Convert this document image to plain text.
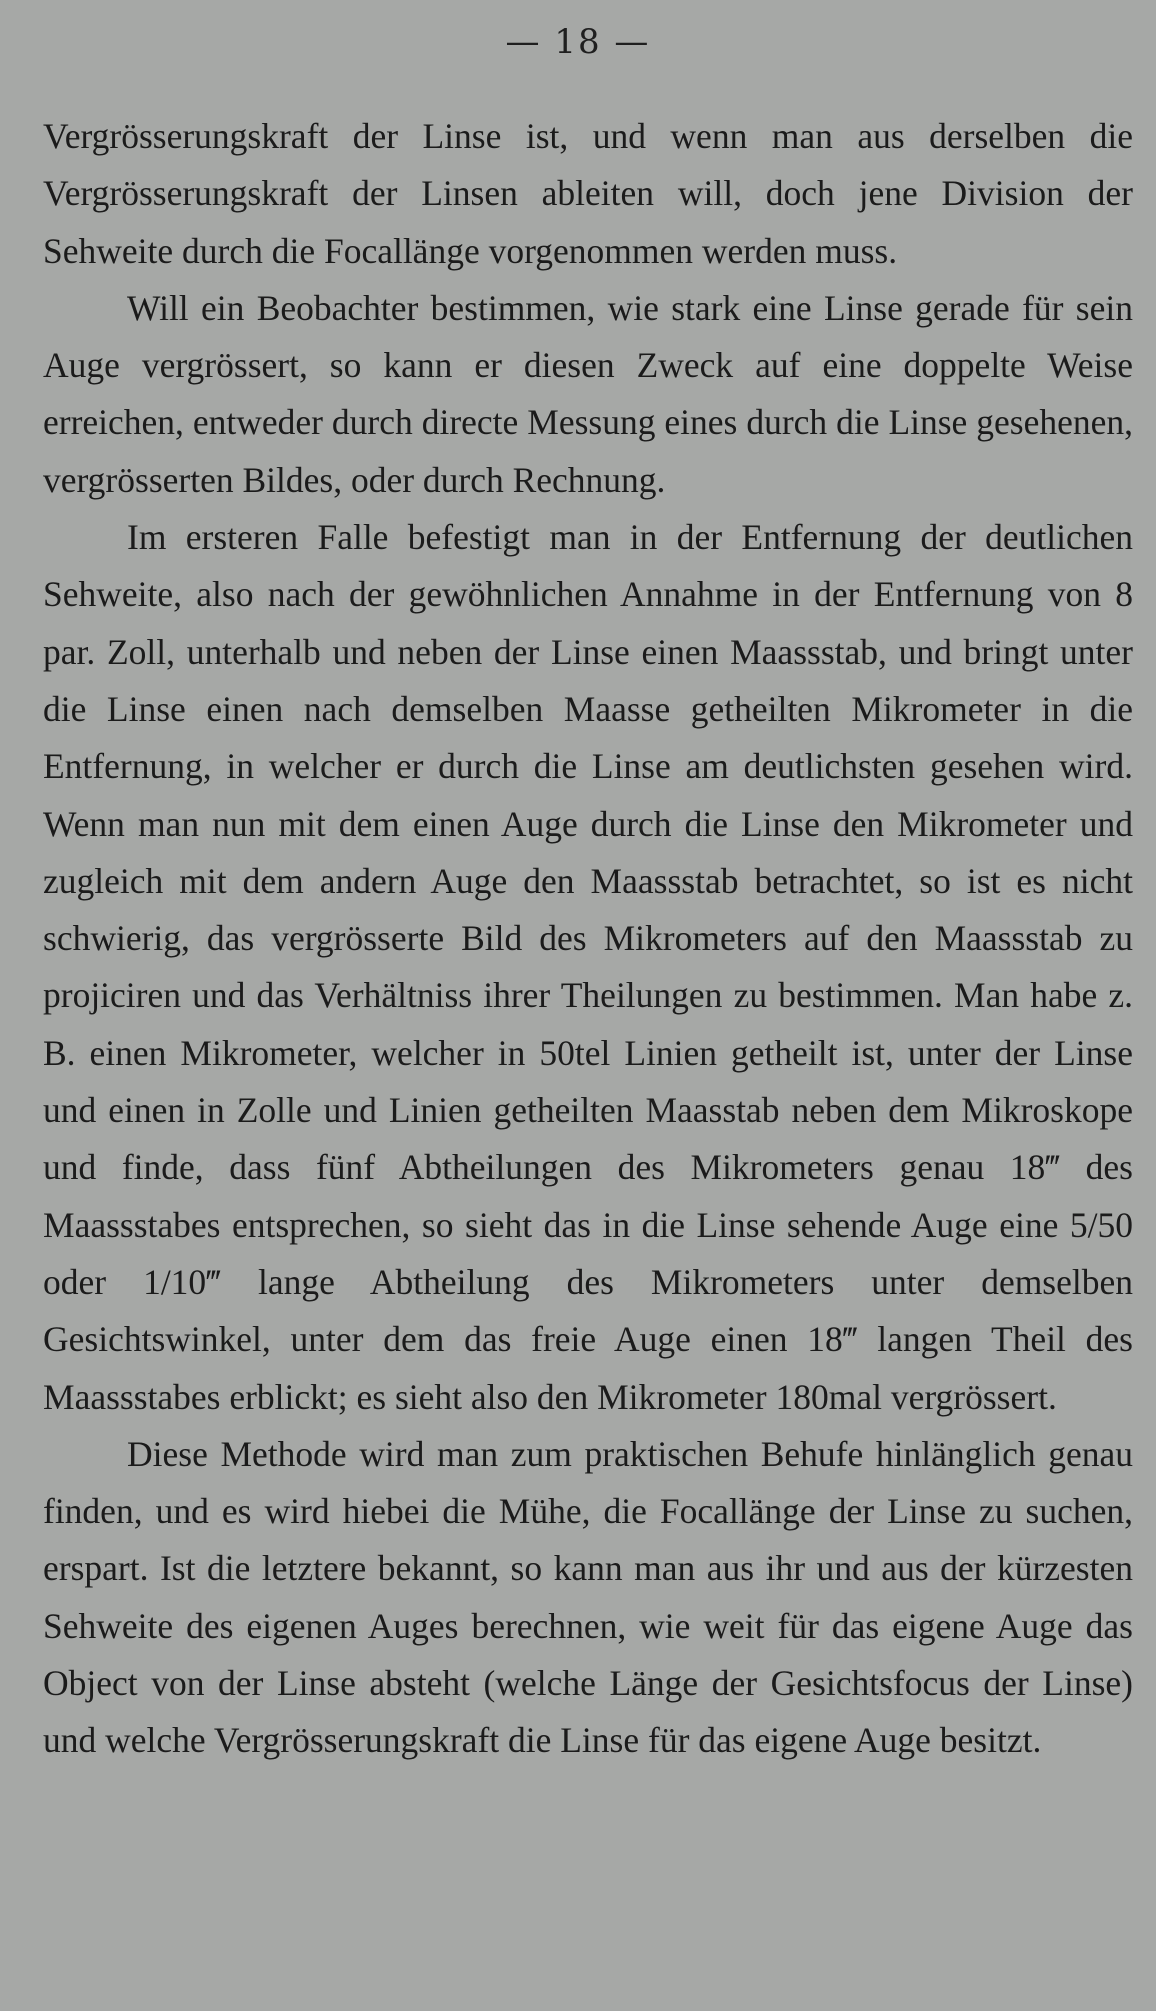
— 18 —

Vergrösserungskraft der Linse ist, und wenn man aus derselben die Vergrösserungskraft der Linsen ableiten will, doch jene Division der Sehweite durch die Focallänge vorgenommen werden muss.

Will ein Beobachter bestimmen, wie stark eine Linse gerade für sein Auge vergrössert, so kann er diesen Zweck auf eine doppelte Weise erreichen, entweder durch directe Messung eines durch die Linse gesehenen, vergrösserten Bildes, oder durch Rechnung.

Im ersteren Falle befestigt man in der Entfernung der deutlichen Sehweite, also nach der gewöhnlichen Annahme in der Entfernung von 8 par. Zoll, unterhalb und neben der Linse einen Maassstab, und bringt unter die Linse einen nach demselben Maasse getheilten Mikrometer in die Entfernung, in welcher er durch die Linse am deutlichsten gesehen wird. Wenn man nun mit dem einen Auge durch die Linse den Mikrometer und zugleich mit dem andern Auge den Maassstab betrachtet, so ist es nicht schwierig, das vergrösserte Bild des Mikrometers auf den Maassstab zu projiciren und das Verhältniss ihrer Theilungen zu bestimmen. Man habe z. B. einen Mikrometer, welcher in 50tel Linien getheilt ist, unter der Linse und einen in Zolle und Linien getheilten Maasstab neben dem Mikroskope und finde, dass fünf Abtheilungen des Mikrometers genau 18‴ des Maassstabes entsprechen, so sieht das in die Linse sehende Auge eine 5/50 oder 1/10‴ lange Abtheilung des Mikrometers unter demselben Gesichtswinkel, unter dem das freie Auge einen 18‴ langen Theil des Maassstabes erblickt; es sieht also den Mikrometer 180mal vergrössert.

Diese Methode wird man zum praktischen Behufe hinlänglich genau finden, und es wird hiebei die Mühe, die Focallänge der Linse zu suchen, erspart. Ist die letztere bekannt, so kann man aus ihr und aus der kürzesten Sehweite des eigenen Auges berechnen, wie weit für das eigene Auge das Object von der Linse absteht (welche Länge der Gesichtsfocus der Linse) und welche Vergrösserungskraft die Linse für das eigene Auge besitzt.
